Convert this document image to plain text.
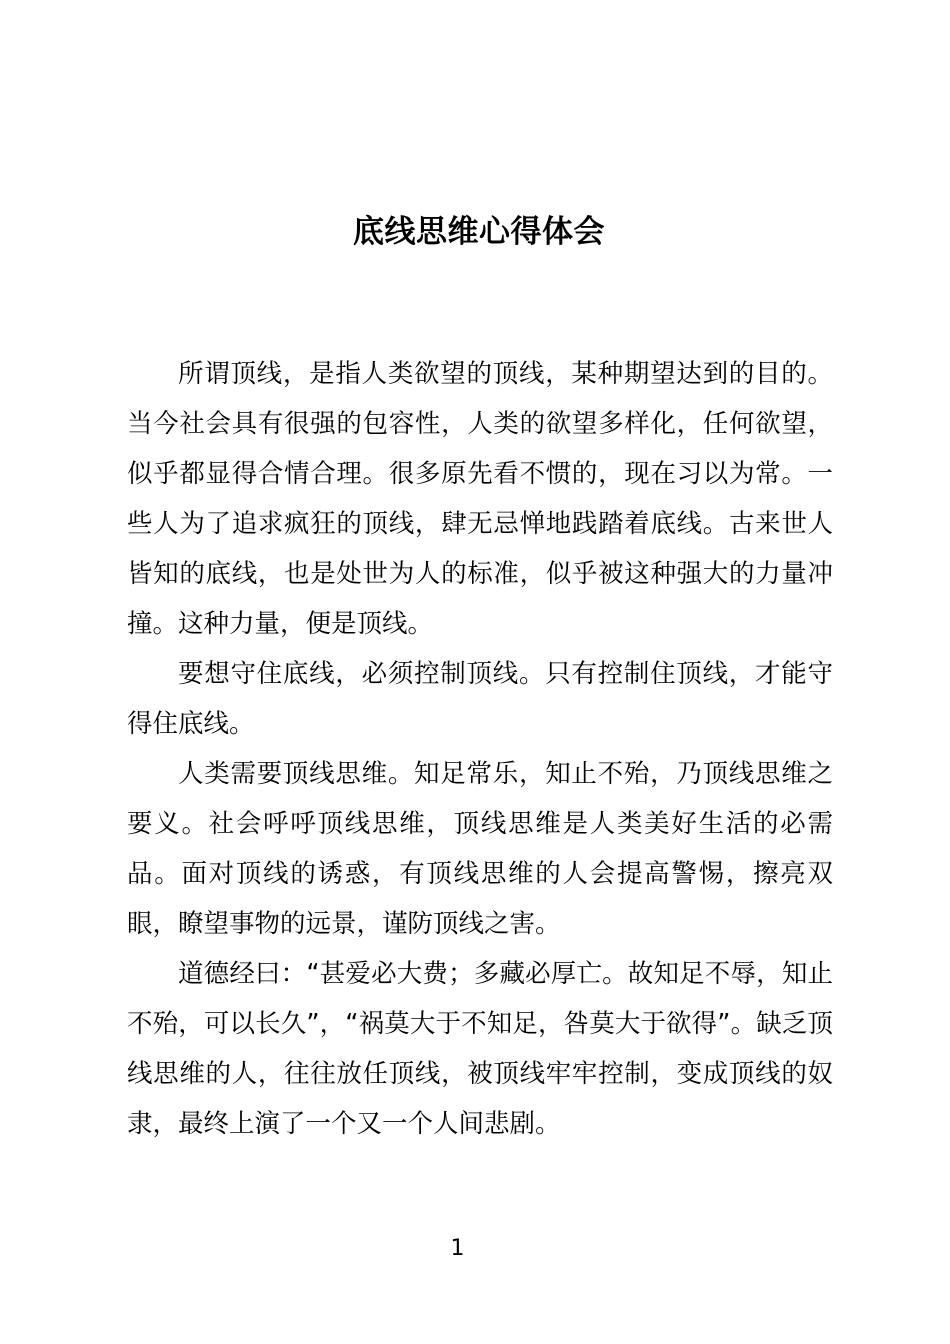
底线思维心得体会

所谓顶线，是指人类欲望的顶线，某种期望达到的目的。当今社会具有很强的包容性，人类的欲望多样化，任何欲望，似乎都显得合情合理。很多原先看不惯的，现在习以为常。一些人为了追求疯狂的顶线，肆无忌惮地践踏着底线。古来世人皆知的底线，也是处世为人的标准，似乎被这种强大的力量冲撞。这种力量，便是顶线。

要想守住底线，必须控制顶线。只有控制住顶线，才能守得住底线。

人类需要顶线思维。知足常乐，知止不殆，乃顶线思维之要义。社会呼呼顶线思维，顶线思维是人类美好生活的必需品。面对顶线的诱惑，有顶线思维的人会提高警惕，擦亮双眼，瞭望事物的远景，谨防顶线之害。

道德经曰：“甚爱必大费；多藏必厚亡。故知足不辱，知止不殆，可以长久”，“祸莫大于不知足，咎莫大于欲得”。缺乏顶线思维的人，往往放任顶线，被顶线牢牢控制，变成顶线的奴隶，最终上演了一个又一个人间悲剧。

1
